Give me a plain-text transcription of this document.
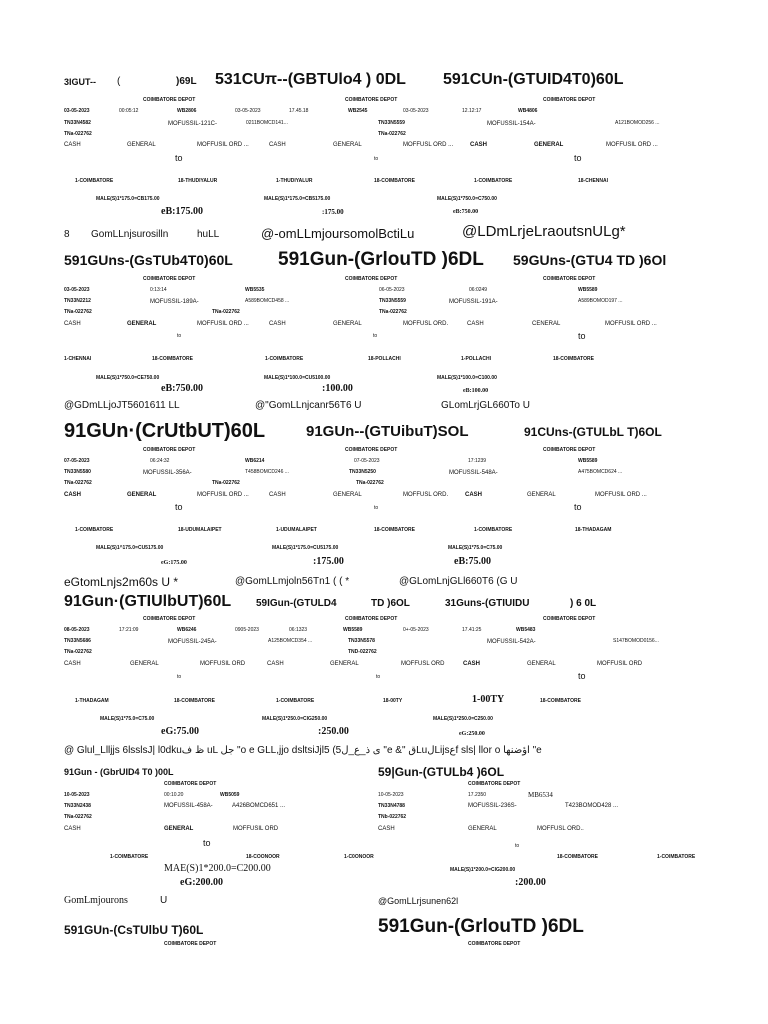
3IGUT-- (	)69L 531CUπ--(GBTUlo4 ) 0DL 591CUn-(GTUID4T0)60L
COIMBATORE DEPOT	COIMBATORE DEPOT	COIMBATORE DEPOT
03-05-2023	00:05:12	WB2806	03-05-2023	17.45.18	WB2545	03-05-2023	12.12:17	WB4806
TN33N4582	MOFUSSIL-121C-	0211BOMCD141...	TN33N5559	MOFUSSIL-154A-	A121BOMOD256 ...
TNa-022762	TNa-022762
CASH	GENERAL	MOFFUSIL ORD ...	CASH	GENERAL	MOFFUSL ORD ...	CASH	GENERAL	MOFFUSIL ORD ...
to	to	to
1-COIMBATORE	18-THUDIYALUR	1-THUDIYALUR	18-COIMBATORE	1-COIMBATORE	18-CHENNAI
MALE(S)1*175.0=CB175.00	MALE(S)1*175.0=CB5175.00	MALE(S)1*750.0=C750.00
eB:175.00	:175.00	eB:750.00
8 GomLLnjsurosilln	huLL	@-omLLmjoursomolBctiLu	@LDmLrjeLraoutsnULg*
591GUns-(GsTUb4T0)60L 591Gun-(GrlouTD )6DL 59GUns-(GTU4 TD )6Ol
COIMBATORE DEPOT	COIMBATORE DEPOT	COIMBATORE DEPOT
03-05-2023	0:13:14	WB5535	06-05-2023	06:0249	WB5589
TN33N2212	MOFUSSIL-189A-	A589BOMCD458 ...	TN33N5559	MOFUSSIL-191A-	A589BOMOD197 ...
TNa-022762	TNa-022762	TNa-022762
CASH	GENERAL	MOFFUSIL ORD ...	CASH	GENERAL	MOFFUSL ORD.	CASH	CENERAL	MOFFUSIL ORD ...
to	to	to
1-CHENNAI	18-COIMBATORE	1-COIMBATORE	18-POLLACHI	1-POLLACHI	18-COIMBATORE
MALE(S)1*750.0=CE750.00	MALE(S)1*100.0=CU5100.00	MALE(S)1*100.0=C100.00
eB:750.00	:100.00	eB:100.00
@GDmLLjoJT5601611 LL	@"GomLLnjcanr56T6 U	GLomLrjGL660To U
91GUn·(CrUtbUT)60L	91GUn--(GTUibuT)SOL	91CUns-(GTULbL T)6OL
COIMBATORE DEPOT	COIMBATORE DEPOT	COIMBATORE DEPOT
07-05-2023	06:24:32	WB6214	07-05-2023	17:1239	WB5589
TN33N5580	MOFUSSIL-356A-	T458BOMCD246 ...	TN33N5250	MOFUSSIL-548A-	A475BOMCD624 ...
TNa-022762	TNa-022762	TNa-022762
CASH	GENERAL	MOFFUSIL ORD ...	CASH	GENERAL	MOFFUSL ORD.	CASH	GENERAL	MOFFUSIL ORD ...
to	to	to
1-COIMBATORE	18-UDUMALAIPET	1-UDUMALAIPET	18-COIMBATORE	1-COIMBATORE	18-THADAGAM
MALE(S)1^175.0=CU5175.00	MALE(S)1*175.0=CU5175.00	MALE(S)1*75.0=C75.00
eG:175.00	:175.00	eB:75.00
eGtomLnjs2m60s U *	@GomLLmjoln56Tn1 ( ( *	@GLomLnjGLl660T6 (G U
91Gun·(GTIUlbUT)60L 59IGun-(GTULD4	TD )6OL	31Guns-(GTIUIDU	) 6 0L
COIMBATORE DEPOT	COIMBATORE DEPOT	COIMBATORE DEPOT
08-05-2023	17:21:09	WB6246	0905-2023	06:1323	WB5589	0+-05-2023	17.41:25	WB5483
TN33N5686	MOFUSSIL-245A-	A125BOMCD354 ...	TN33N5578	MOFUSSIL-542A-	S147BOMOD0156...
TNa-022762	TND-022762
CASH	GENERAL	MOFFUSIL ORD	CASH	GENERAL	MOFFUSL ORD	CASH	GENERAL	MOFFUSIL ORD
to	to	to
1-THADAGAM	18-COIMBATORE	1-COIMBATORE	18-00TY	1-00TY	18-COIMBATORE
MALE(S)1*75.0=C75.00	MALE(S)1*250.0=CIG250.00	MALE(S)1*250.0=C250.00
eG:75.00	:250.00	eG:250.00
@ Glul_Llljjs 6lsslsJ| l0dkuظ ف uL جل "o e GLL,jjo dsltsiJjl5 (5ى ذ_ع_ل "e &" قLuلLijsعf sls| llor o اؤضنها "e
91Gun - (GbrUID4 T0 )00L	59|Gun-(GTULb4 )6OL
COIMBATORE DEPOT	COIMBATORE DEPOT
10-05-2023	00:10.20	WB5059	10-05-2023	17.2350	MB6534
TN33N2438	MOFUSSIL-458A-	A426BOMCD651 ...	TN33N4788	MOFUSSIL-236S-	T423BOMOD428 ...
TNa-022762	TNb-022762
CASH	GENERAL	MOFFUSIL ORD	CASH	GENERAL	MOFFUSL ORD..
to	to
1-COIMBATORE	18-COONOOR	1-C0ONOOR	18-COIMBATORE	1-COIMBATORE
MAE(S)1*200.0=C200.00	MALE(S)1*200.0=CIG200.00
eG:200.00	:200.00
GomLmjourons	U	@GomLLrjsunen62l
591GUn-(CsTUlbU T)60L	591Gun-(GrlouTD )6DL
COIMBATORE DEPOT	COIMBATORE DEPOT
